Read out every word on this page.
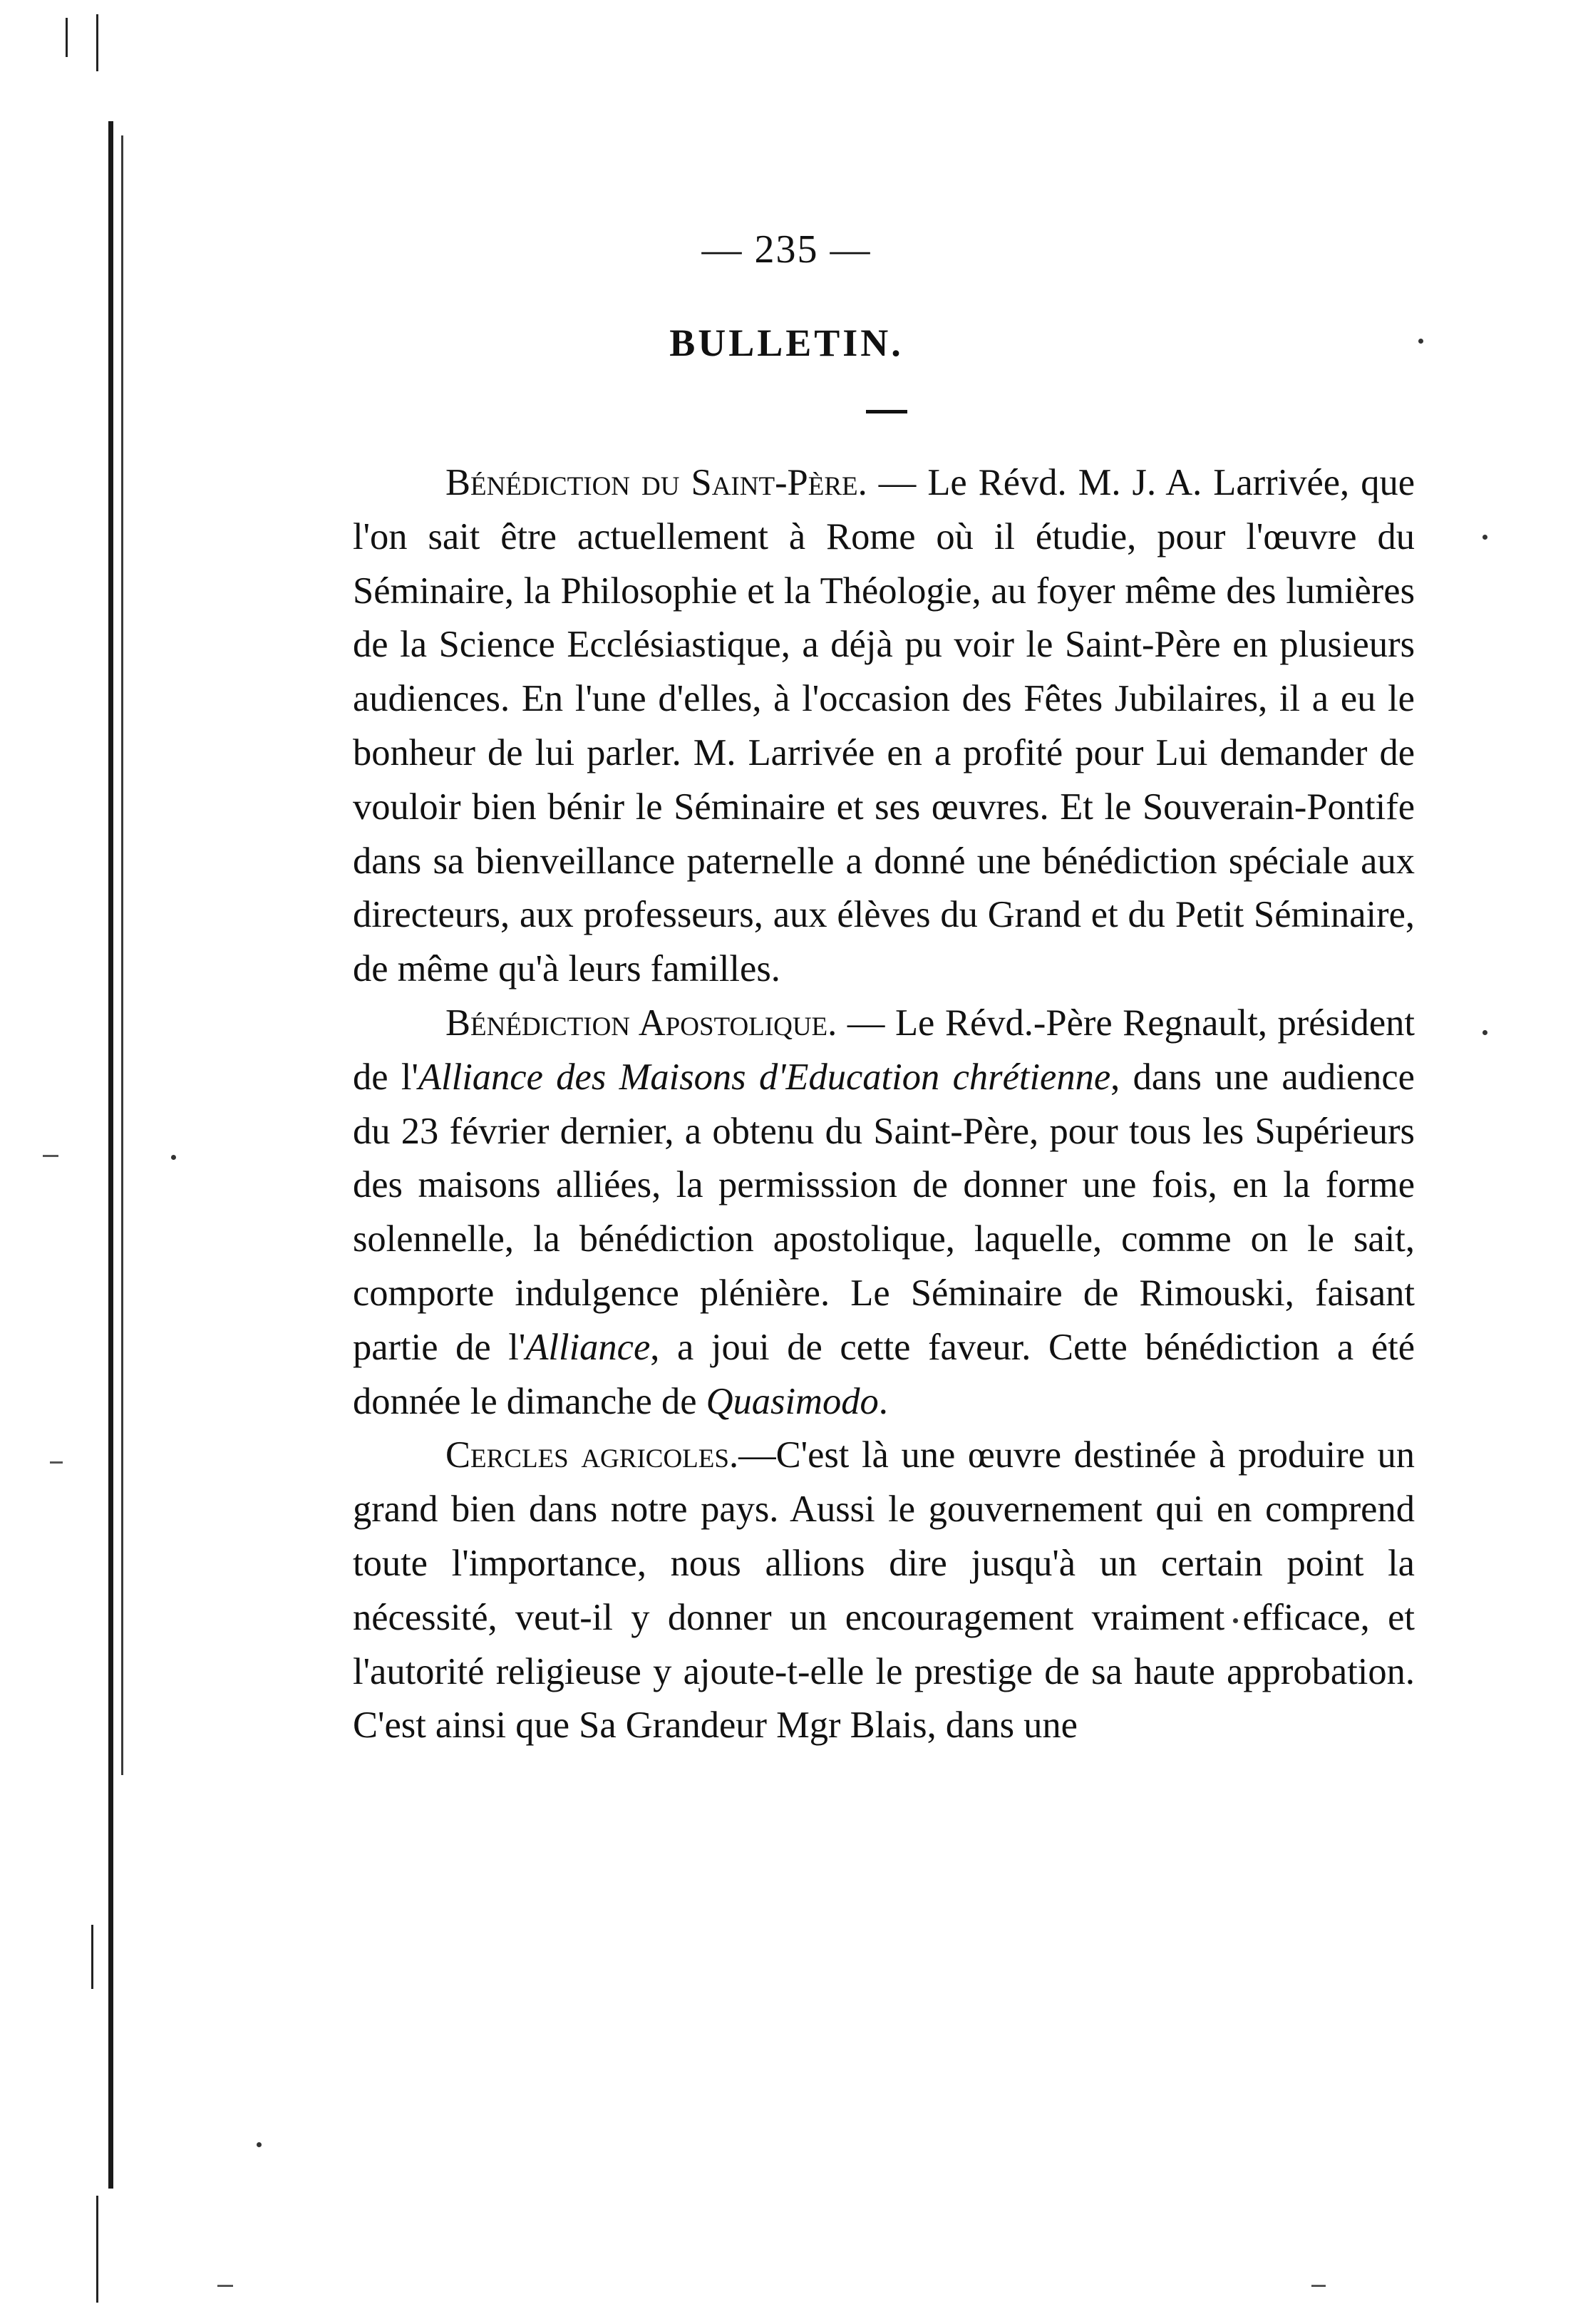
— 235 —
BULLETIN.

Bénédiction du Saint-Père. — Le Révd. M. J. A. Larrivée, que l'on sait être actuellement à Rome où il étudie, pour l'œuvre du Séminaire, la Philosophie et la Théologie, au foyer même des lumières de la Science Ecclésiastique, a déjà pu voir le Saint-Père en plusieurs audiences. En l'une d'elles, à l'occasion des Fêtes Jubilaires, il a eu le bonheur de lui parler. M. Larrivée en a profité pour Lui demander de vouloir bien bénir le Séminaire et ses œuvres. Et le Souverain-Pontife dans sa bienveillance paternelle a donné une bénédiction spéciale aux directeurs, aux professeurs, aux élèves du Grand et du Petit Séminaire, de même qu'à leurs familles.

Bénédiction Apostolique. — Le Révd.-Père Regnault, président de l'Alliance des Maisons d'Education chrétienne, dans une audience du 23 février dernier, a obtenu du Saint-Père, pour tous les Supérieurs des maisons alliées, la permisssion de donner une fois, en la forme solennelle, la bénédiction apostolique, laquelle, comme on le sait, comporte indulgence plénière. Le Séminaire de Rimouski, faisant partie de l'Alliance, a joui de cette faveur. Cette bénédiction a été donnée le dimanche de Quasimodo.

Cercles agricoles.—C'est là une œuvre destinée à produire un grand bien dans notre pays. Aussi le gouvernement qui en comprend toute l'importance, nous allions dire jusqu'à un certain point la nécessité, veut-il y donner un encouragement vraiment efficace, et l'autorité religieuse y ajoute-t-elle le prestige de sa haute approbation. C'est ainsi que Sa Grandeur Mgr Blais, dans une
